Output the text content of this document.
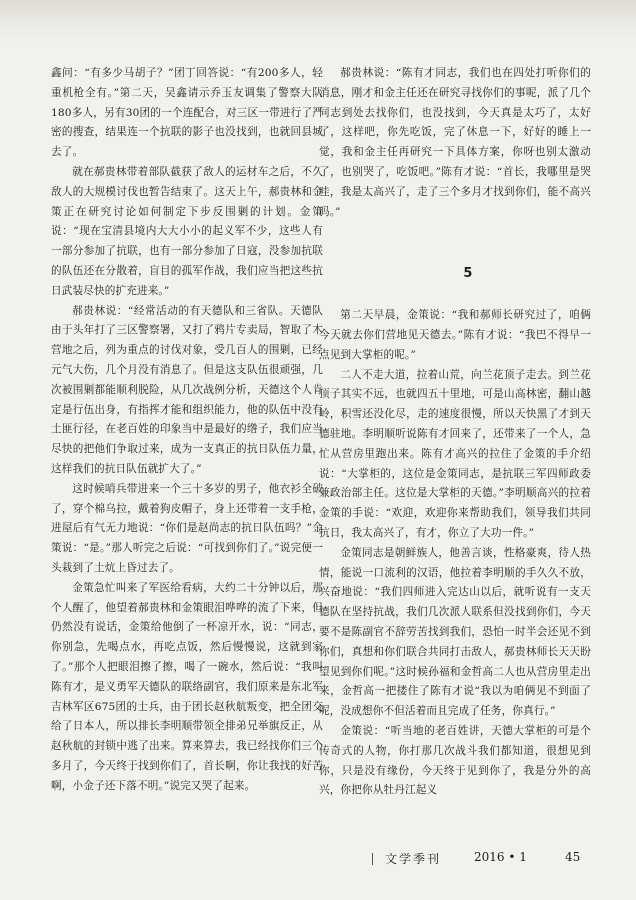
鑫问：“有多少马胡子？”团丁回答说：“有200多人，轻重机枪全有。”第二天，吴鑫请示乔玉友调集了警察大队180多人，另有30团的一个连配合，对三区一带进行了严密的搜查，结果连一个抗联的影子也没找到，也就回县城去了。

就在郝贵林带着部队截获了敌人的运材车之后，不久敌人的大规模讨伐也暂告结束了。这天上午，郝贵林和金策正在研究讨论如何制定下步反围剿的计划。金策说：“现在宝清县境内大大小小的起义军不少，这些人有一部分参加了抗联，也有一部分参加了日寇，没参加抗联的队伍还在分散着，盲目的孤军作战，我们应当把这些抗日武装尽快的扩充进来。”

郝贵林说：“经常活动的有天德队和三省队。天德队由于头年打了三区警察署，又打了鸦片专卖局，智取了木营地之后，列为重点的讨伐对象，受几百人的围剿，已经元气大伤，几个月没有消息了。但是这支队伍很顽强，几次被围剿都能顺利脱险，从几次战例分析，天德这个人肯定是行伍出身，有指挥才能和组织能力，他的队伍中没有土匪行径，在老百姓的印象当中是最好的绺子，我们应当尽快的把他们争取过来，成为一支真正的抗日队伍力量，这样我们的抗日队伍就扩大了。”

这时候哨兵带进来一个三十多岁的男子，他衣衫全破了，穿个棉乌拉，戴着狗皮帽子，身上还带着一支手枪，进屋后有气无力地说：“你们是赵尚志的抗日队伍吗？”金策说：“是。”那人听完之后说：“可找到你们了。”说完便一头栽到了土炕上昏过去了。

金策急忙叫来了军医给看病，大约二十分钟以后，那个人醒了，他望着郝贵林和金策眼泪哗哗的流了下来，但仍然没有说话，金策给他倒了一杯凉开水，说：“同志，你别急，先喝点水，再吃点饭，然后慢慢说，这就到家了。”那个人把眼泪擦了擦，喝了一碗水，然后说：“我叫陈有才，是义勇军天德队的联络副官，我们原来是东北军吉林军区675团的士兵，由于团长赵秋航叛变，把全团交给了日本人，所以排长李明顺带领全排弟兄举旗反正，从赵秋航的封锁中逃了出来。算来算去，我已经找你们三个多月了，今天终于找到你们了，首长啊，你让我找的好苦啊，小金子还下落不明。”说完又哭了起来。

郝贵林说：“陈有才同志，我们也在四处打听你们的消息，刚才和金主任还在研究寻找你们的事呢，派了几个同志到处去找你们，也没找到，今天真是太巧了，太好了，这样吧，你先吃饭，完了休息一下，好好的睡上一觉，我和金主任再研究一下具体方案，你呀也别太激动了，也别哭了，吃饭吧。”陈有才说：“首长，我哪里是哭哇，我是太高兴了，走了三个多月才找到你们，能不高兴吗。”

5

第二天早晨，金策说：“我和郝师长研究过了，咱俩今天就去你们营地见天德去。”陈有才说：“我巴不得早一点见到大掌柜的呢。”

二人不走大道，拉着山荒，向兰花顶子走去。到兰花顶子其实不远，也就四五十里地，可是山高林密，翻山越岭，积雪还没化尽，走的速度很慢，所以天快黑了才到天德驻地。李明顺听说陈有才回来了，还带来了一个人，急忙从营房里跑出来。陈有才高兴的拉住了金策的手介绍说：“大掌柜的，这位是金策同志，是抗联三军四师政委兼政治部主任。这位是大掌柜的天德。”李明顺高兴的拉着金策的手说：“欢迎，欢迎你来帮助我们，领导我们共同抗日，我太高兴了，有才，你立了大功一件。”

金策同志是朝鲜族人，他善言谈，性格豪爽，待人热情，能说一口流利的汉语，他拉着李明顺的手久久不放，兴奋地说：“我们四师进入完达山以后，就听说有一支天德队在坚持抗战，我们几次派人联系但没找到你们，今天要不是陈副官不辞劳苦找到我们，恐怕一时半会还见不到你们，真想和你们联合共同打击敌人，郝贵林师长天天盼望见到你们呢。”这时候孙福和金哲高二人也从营房里走出来，金哲高一把搂住了陈有才说“我以为咱俩见不到面了呢，没成想你不但活着而且完成了任务，你真行。”

金策说：“听当地的老百姓讲，天德大掌柜的可是个传奇式的人物，你打那几次战斗我们都知道，很想见到你，只是没有缘份，今天终于见到你了，我是分外的高兴，你把你从牡丹江起义

文学季刊	2016 • 1	45
